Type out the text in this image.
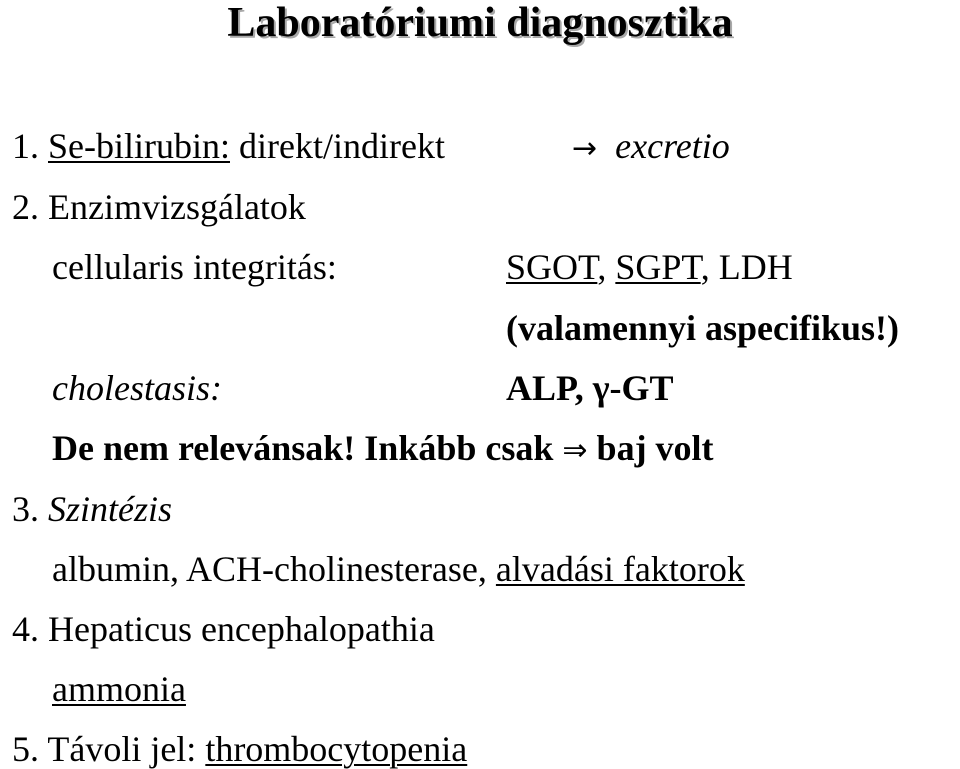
Laboratóriumi diagnosztika
1. Se-bilirubin: direkt/indirekt	→ excretio
2. Enzimvizsgálatok
cellularis integritás:	SGOT, SGPT, LDH
(valamennyi aspecifikus!)
cholestasis:	ALP, γ-GT
De nem relevánsak! Inkább csak ⇒ baj volt
3. Szintézis
albumin, ACH-cholinesterase, alvadási faktorok
4. Hepaticus encephalopathia
ammonia
5. Távoli jel: thrombocytopenia
